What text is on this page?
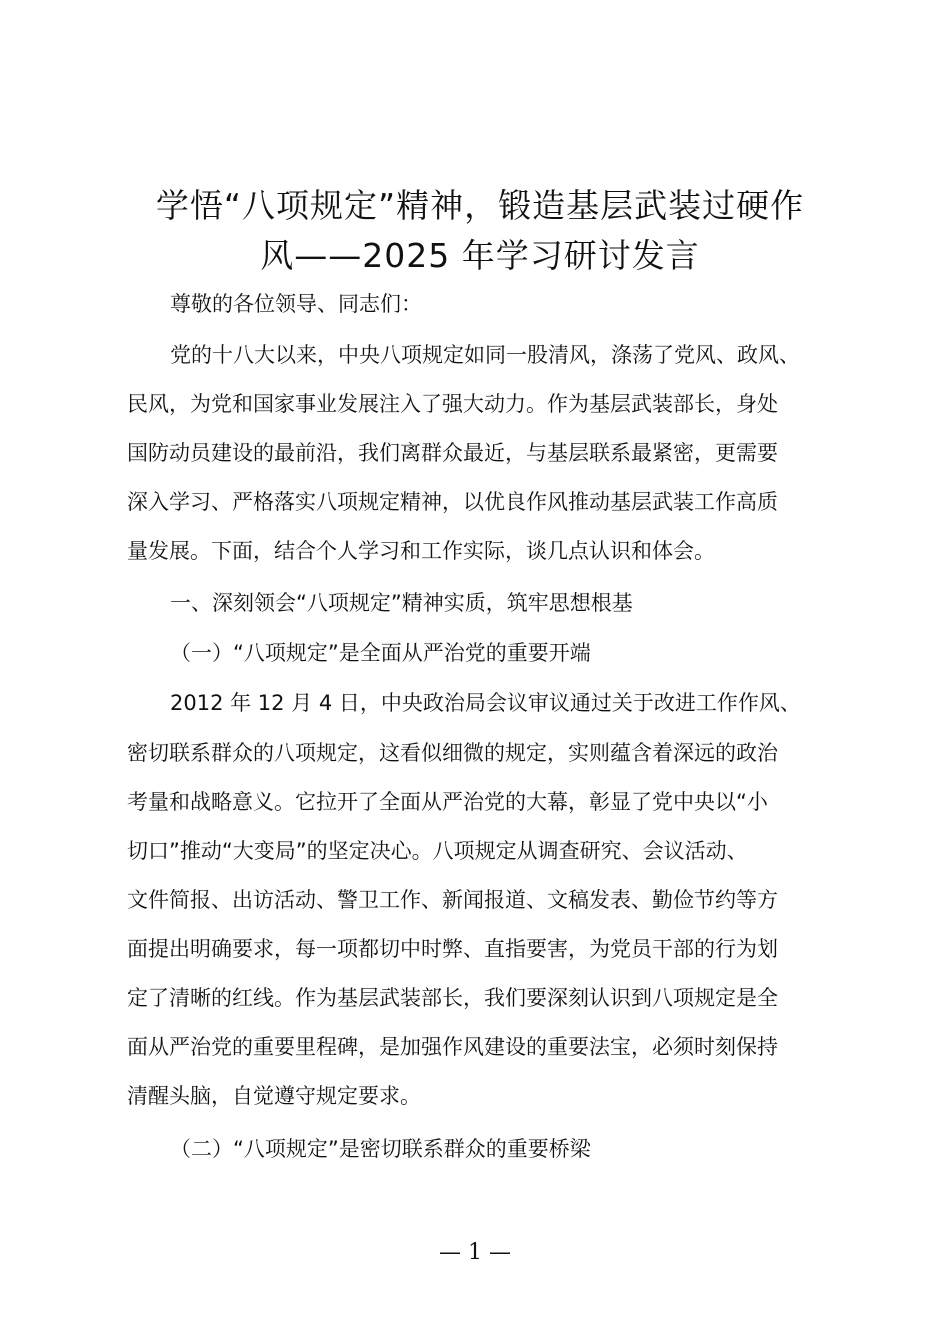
学悟“八项规定”精神，锻造基层武装过硬作
风——2025 年学习研讨发言
尊敬的各位领导、同志们：
党的十八大以来，中央八项规定如同一股清风，涤荡了党风、政风、
民风，为党和国家事业发展注入了强大动力。作为基层武装部长，身处
国防动员建设的最前沿，我们离群众最近，与基层联系最紧密，更需要
深入学习、严格落实八项规定精神，以优良作风推动基层武装工作高质
量发展。下面，结合个人学习和工作实际，谈几点认识和体会。
一、深刻领会“八项规定”精神实质，筑牢思想根基
（一）“八项规定”是全面从严治党的重要开端
2012 年 12 月 4 日，中央政治局会议审议通过关于改进工作作风、
密切联系群众的八项规定，这看似细微的规定，实则蕴含着深远的政治
考量和战略意义。它拉开了全面从严治党的大幕，彰显了党中央以“小
切口”推动“大变局”的坚定决心。八项规定从调查研究、会议活动、
文件简报、出访活动、警卫工作、新闻报道、文稿发表、勤俭节约等方
面提出明确要求，每一项都切中时弊、直指要害，为党员干部的行为划
定了清晰的红线。作为基层武装部长，我们要深刻认识到八项规定是全
面从严治党的重要里程碑，是加强作风建设的重要法宝，必须时刻保持
清醒头脑，自觉遵守规定要求。
（二）“八项规定”是密切联系群众的重要桥梁
— 1 —
